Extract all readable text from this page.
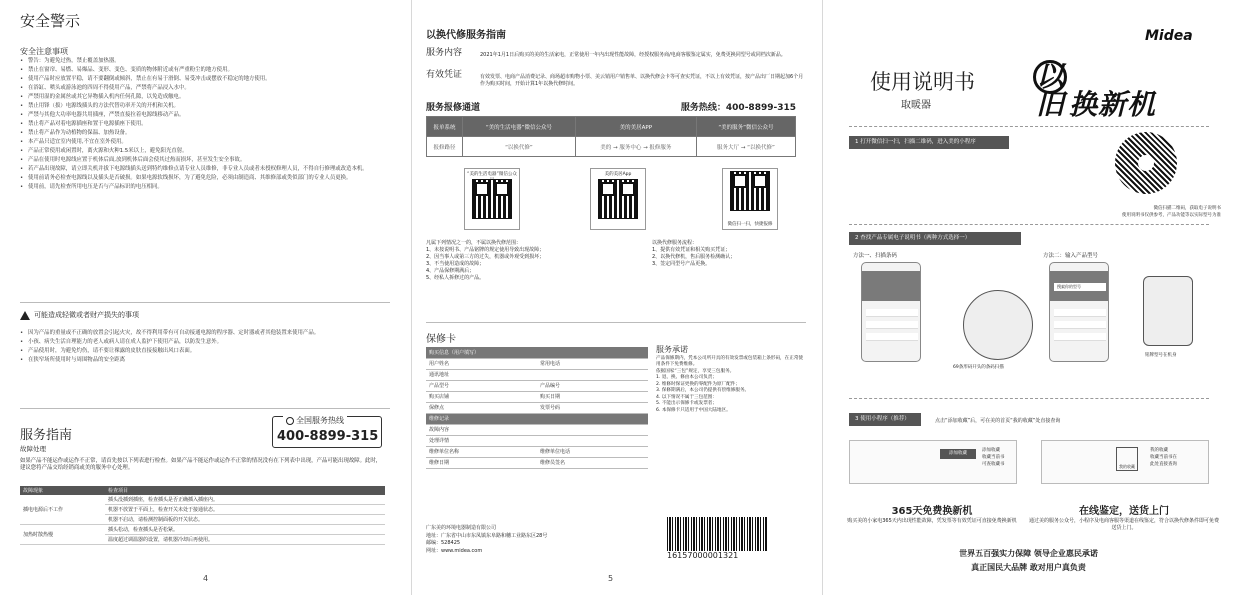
安全警示
安全注意事项
• 警告：为避免过热，禁止覆盖加热器。
• 禁止在窗帘、易燃、易爆品、变形、变色、变质的物体附近或有严重粉尘的地方使用。
• 使用产品时应放置平稳，请不要翻倒或倾斜，禁止在有易于滑倒、易受冲击或摆放不稳定的地方使用。
• 在浴缸、喷头或游泳池的四周不得使用产品，严禁将产品浸入水中。
• 严禁用湿的金属丝或其它异物插入机内任何孔隙，以免造成触电。
• 禁止用锋（拔）电源线插头的方法代替功率开关的开机和关机。
• 严禁与其他大功率电器共用插座，严禁直接拉着电源线移动产品。
• 禁止将产品对着电源插座和置于电源插座下使用。
• 禁止将产品作为动植物的保温、加热设备。
• 本产品只适宜室内使用,不宜在室外使用。
• 产品正常使用或闲置时，离火源和火种1.5米以上，避免阳光直射。
• 产品在使用时电源线应置于机体后面,放到机体后面会使其过热而损坏，甚至发生安全事故。
• 若产品出现故障，请立即关机并拔下电源线插头送到特约维修点请专业人员维修，非专业人员或者未授权修理人员，不得自行修理或改造本机。
• 使用前请务必检查电源线以及插头是否破损。如果电源软线损坏，为了避免危险，必须由制造商、其维修部或类似部门的专业人员更换。
• 使用前，请先检查所用电压是否与产品标识的电压相同。
可能造成轻微或者财产损失的事项
• 因为产品的重量或不正确的放置会引起火灾，故不得利用带有可自动接通电源的程序器、定时器或者其他装置来使用产品。
• 小孩、病失生活自理能力的老人或病人请在成人监护下使用产品，以防发生意外。
• 产品使用时，为避免灼伤，请不要让裸露的皮肤直接接触出风口表面。
• 在狭窄场所使用时与周围物品的安全距离
服务指南
全国服务热线
400-8899-315
故障处理
如果产品不能运作或运作不正常，请首先按以下列表进行检查。如果产品不能运作或运作不正常的情况没有在下列表中出现，产品可能出现故障。此时，建议您将产品交给经销商或美的服务中心处理。
故障现象	检查项目
插电电源后不工作	插头没插到插座，检查插头是否正确插入插座内。
	机器不放置于平面上，检查开关未处于接通状态。
	机器不启动，请检测控制面板的开关状态。
加热时散热慢	插头松动，检查插头是否松紧。
	温度超过调温器的设置，请机器冷却后再使用。
4
以换代修服务指南
服务内容	2021年1月1日后购买的美的生活家电，正常使用一年内出现性能故障，经授权服务商/电商客服鉴定属实，免费更换同型号或同档次新品。
有效凭证	有效发票、电商产品消费记录、商场超市购物小票、美云销用户销售单、以换代修会卡等可查实凭证，不以上有效凭证，按产品出厂日期起加6个月作为购买时间，开始计算1年以换代修时间。
服务报修通道	服务热线：400-8899-315
报单系统	“美的生活电器”微信公众号	美的美居APP	“美的服务”微信公众号
报修路径	“以换代修”	美的 → 服务中心 → 报修服务	服务大厅 → “以换代修”
“美的生活电器”微信公众	美的美居App
微信扫一扫，快捷报修
凡属下列情况之一的，不属以换代修范围：
1、未按说明书、产品铭牌的规定使用导致出现故障；
2、因当事人或第三方的过失，机器或外观受到损坏；
3、不当使用造成的故障；
4、产品保修期满后；
5、经私人拆修过的产品。
以换代修服务流程：
1、提供有效凭证和相关购买凭证；
2、以换代修机，售后服务检测确认；
3、签定同型号产品更换。
保修卡
购买信息（用户填写）			
用户姓名		常用电话	
通讯地址			
产品型号		产品编号	
购买店铺		购买日期	
保修点		发票号码	
维修记录			
故障内容			
处理详情			
维修单位名称		维修单位电话	
维修日期		维修员签名	
服务承诺
产品保修期内，凭本公司所开具的有效发票或包装箱上条形码，在正常使用条件下免费维修。
依据国家“三包”规定，享受三包服务。
1. 退、换、修由本公司负责；
2. 维修时保证更换的零配件为原厂配件；
3. 保修期满后，本公司仍提供有偿维修服务。
4. 以下情况不属于三包范围：
5. 不能出示保修卡或发票者；
6. 本保修卡只适用于中国大陆地区。
广东美的环境电器制造有限公司
地址：广东省中山市东凤镇东阜路和穗工业路东区28号
邮编：528425
网址：www.midea.com
16157000001321
5
Midea
使用说明书
取暖器
以旧 换新机
1 打开微信扫一扫，扫描二维码，进入美的小程序
微信扫描二维码，获取电子说明书
使用说明书仅供参考，产品功能等以实际型号为准
2 查找产品专属电子说明书（两种方式选择一）
方法一、扫描条码	方法二：输入产品型号
69条形码开头的条码扫描
搜索你的型号
铭牌型号在机身
3 使用小程序（推荐）	点击“添加收藏”后，可在美的首页“我的收藏”处直接查询
添加收藏
添加收藏
收藏当前书
可查收藏书	我的收藏
我的收藏
收藏当前书在
此处直接查询
365天免费换新机
购买美的小家电365天内出现性能故障，凭发票等有效凭证可直接免费换新机
在线鉴定，送货上门
通过美的服务公众号，小程序及电商客服等渠道在线鉴定，符合以换代修条件即可免费送货上门。
世界五百强实力保障 领导企业惠民承诺
真正国民大品牌 敢对用户真负责
